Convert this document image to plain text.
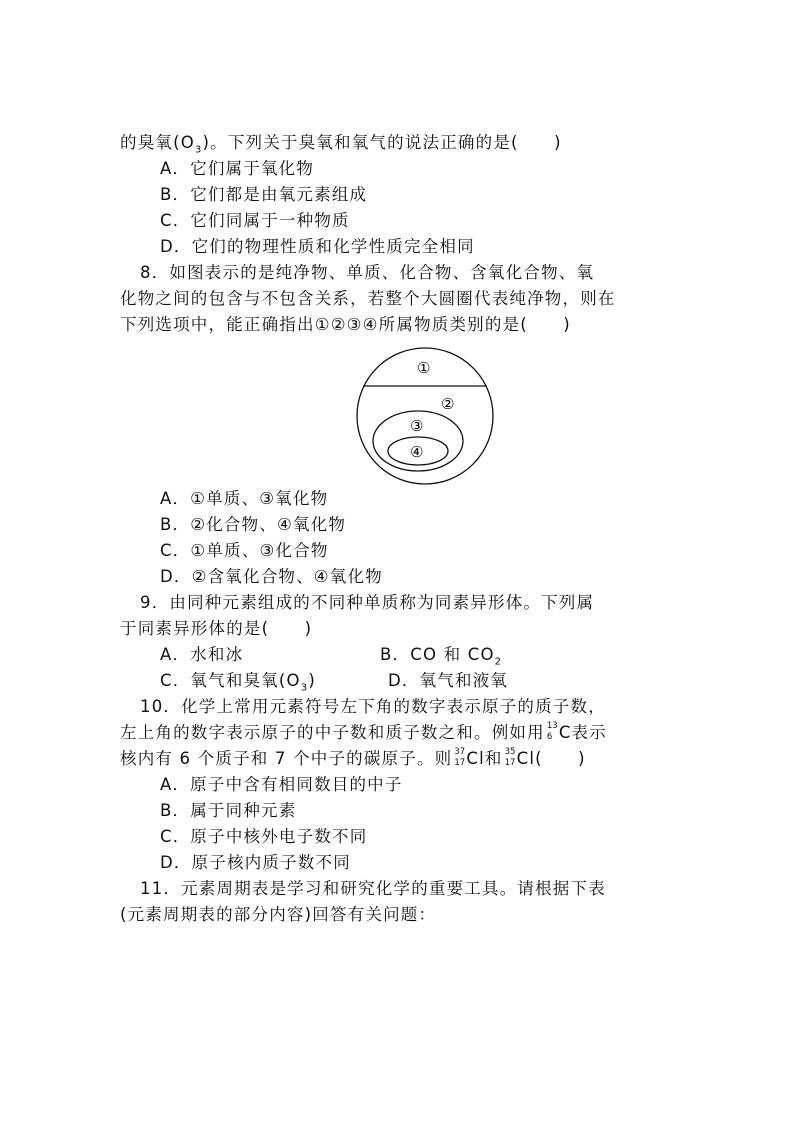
的臭氧$(O_3)$。下列关于臭氧和氧气的说法正确的是(　　)
A．它们属于氧化物
B．它们都是由氧元素组成
C．它们同属于一种物质
D．它们的物理性质和化学性质完全相同
8．如图表示的是纯净物、单质、化合物、含氧化合物、氧
化物之间的包含与不包含关系，若整个大圆圈代表纯净物，则在
下列选项中，能正确指出①②③④所属物质类别的是(　　)
①
②
③
④
A．①单质、③氧化物
B．②化合物、④氧化物
C．①单质、③化合物
D．②含氧化合物、④氧化物
9．由同种元素组成的不同种单质称为同素异形体。下列属
于同素异形体的是(　　)
A．水和冰	B．CO 和 $CO_2$
C．氧气和臭氧$(O_3)$	D．氧气和液氧
10．化学上常用元素符号左下角的数字表示原子的质子数，
左上角的数字表示原子的中子数和质子数之和。例如用 13
6 C表示
核内有 6 个质子和 7 个中子的碳原子。则 37
17 Cl和 35
17 Cl(　　)
A．原子中含有相同数目的中子
B．属于同种元素
C．原子中核外电子数不同
D．原子核内质子数不同
11．元素周期表是学习和研究化学的重要工具。请根据下表
(元素周期表的部分内容)回答有关问题：
